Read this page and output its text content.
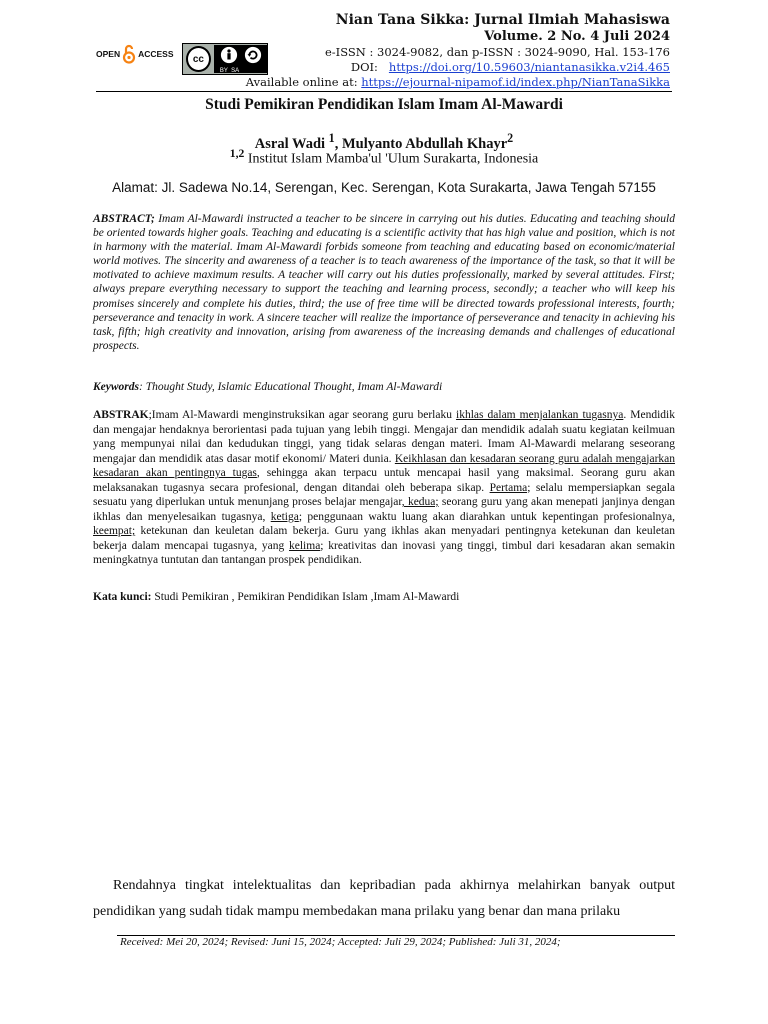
OPEN ACCESS cc
BY  SA
Nian Tana Sikka: Jurnal Ilmiah Mahasiswa
Volume. 2 No. 4 Juli 2024
e-ISSN : 3024-9082, dan p-ISSN : 3024-9090, Hal. 153-176
DOI: https://doi.org/10.59603/niantanasikka.v2i4.465
Available online at: https://ejournal-nipamof.id/index.php/NianTanaSikka
Studi Pemikiran Pendidikan Islam Imam Al-Mawardi
Asral Wadi $^1$, Mulyanto Abdullah Khayr$^2$
$^{1,2}$ Institut Islam Mamba'ul 'Ulum Surakarta, Indonesia
Alamat: Jl. Sadewa No.14, Serengan, Kec. Serengan, Kota Surakarta, Jawa Tengah 57155
ABSTRACT; Imam Al-Mawardi instructed a teacher to be sincere in carrying out his duties. Educating and teaching should be oriented towards higher goals. Teaching and educating is a scientific activity that has high value and position, which is not in harmony with the material. Imam Al-Mawardi forbids someone from teaching and educating based on economic/material world motives. The sincerity and awareness of a teacher is to teach awareness of the importance of the task, so that it will be motivated to achieve maximum results. A teacher will carry out his duties professionally, marked by several attitudes. First; always prepare everything necessary to support the teaching and learning process, secondly; a teacher who will keep his promises sincerely and complete his duties, third; the use of free time will be directed towards professional interests, fourth; perseverance and tenacity in work. A sincere teacher will realize the importance of perseverance and tenacity in achieving his task, fifth; high creativity and innovation, arising from awareness of the increasing demands and challenges of educational prospects.
Keywords: Thought Study, Islamic Educational Thought, Imam Al-Mawardi
ABSTRAK;Imam Al-Mawardi menginstruksikan agar seorang guru berlaku ikhlas dalam menjalankan tugasnya. Mendidik dan mengajar hendaknya berorientasi pada tujuan yang lebih tinggi. Mengajar dan mendidik adalah suatu kegiatan keilmuan yang mempunyai nilai dan kedudukan tinggi, yang tidak selaras dengan materi. Imam Al-Mawardi melarang seseorang mengajar dan mendidik atas dasar motif ekonomi/ Materi dunia. Keikhlasan dan kesadaran seorang guru adalah mengajarkan kesadaran akan pentingnya tugas, sehingga akan terpacu untuk mencapai hasil yang maksimal. Seorang guru akan melaksanakan tugasnya secara profesional, dengan ditandai oleh beberapa sikap. Pertama; selalu mempersiapkan segala sesuatu yang diperlukan untuk menunjang proses belajar mengajar, kedua; seorang guru yang akan menepati janjinya dengan ikhlas dan menyelesaikan tugasnya, ketiga; penggunaan waktu luang akan diarahkan untuk kepentingan profesionalnya, keempat; ketekunan dan keuletan dalam bekerja. Guru yang ikhlas akan menyadari pentingnya ketekunan dan keuletan bekerja dalam mencapai tugasnya, yang kelima; kreativitas dan inovasi yang tinggi, timbul dari kesadaran akan semakin meningkatnya tuntutan dan tantangan prospek pendidikan.
Kata kunci: Studi Pemikiran , Pemikiran Pendidikan Islam ,Imam Al-Mawardi
Rendahnya tingkat intelektualitas dan kepribadian pada akhirnya melahirkan banyak output pendidikan yang sudah tidak mampu membedakan mana prilaku yang benar dan mana prilaku
Received: Mei 20, 2024; Revised: Juni 15, 2024; Accepted: Juli 29, 2024; Published: Juli 31, 2024;
